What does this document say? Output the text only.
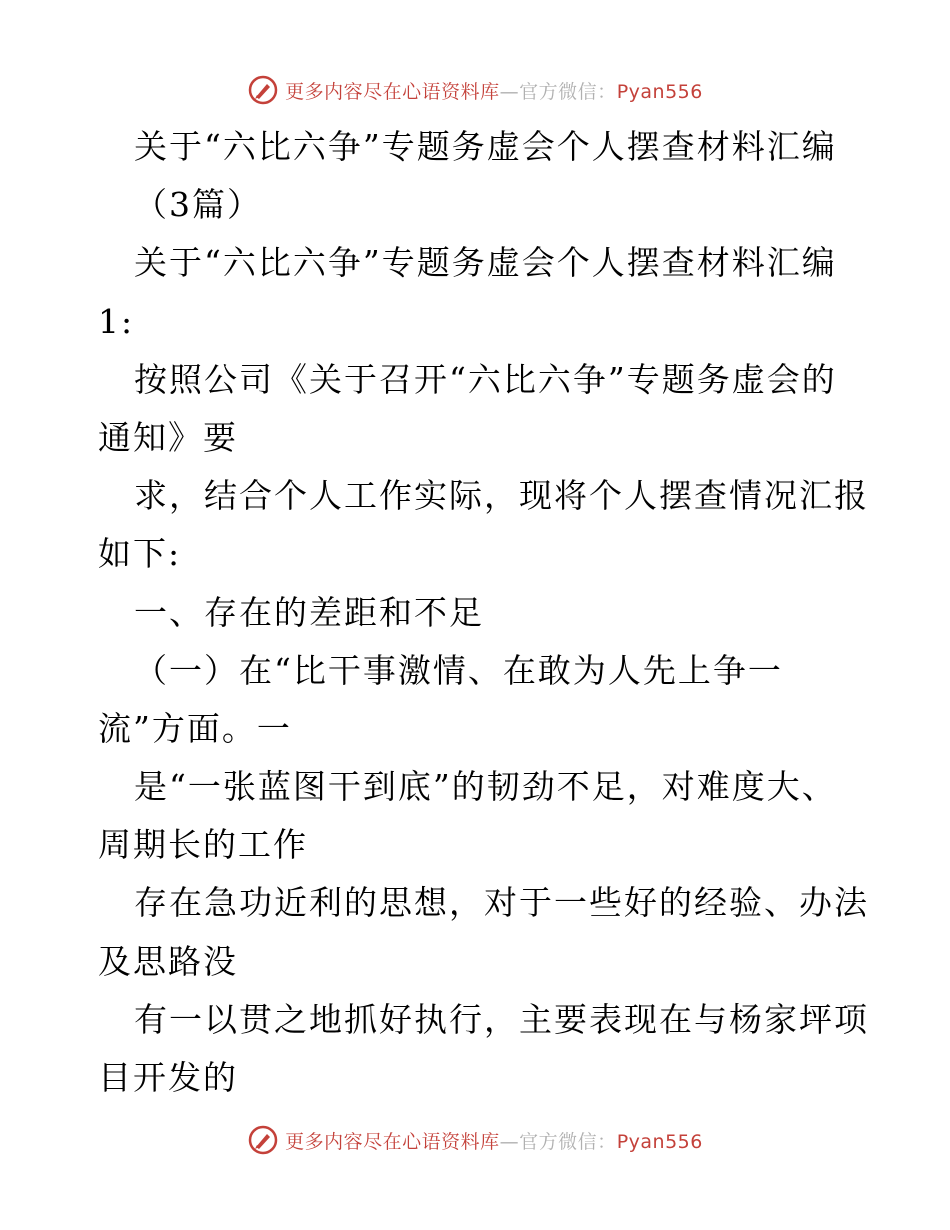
更多内容尽在心语资料库—官方微信：Pyan556
关于“六比六争”专题务虚会个人摆查材料汇编
（3篇）
关于“六比六争”专题务虚会个人摆查材料汇编
1:
按照公司《关于召开“六比六争”专题务虚会的
通知》要
求，结合个人工作实际，现将个人摆查情况汇报
如下:
一、存在的差距和不足
（一）在“比干事激情、在敢为人先上争一
流”方面。一
是“一张蓝图干到底”的韧劲不足，对难度大、
周期长的工作
存在急功近利的思想，对于一些好的经验、办法
及思路没
有一以贯之地抓好执行，主要表现在与杨家坪项
目开发的
更多内容尽在心语资料库—官方微信：Pyan556
